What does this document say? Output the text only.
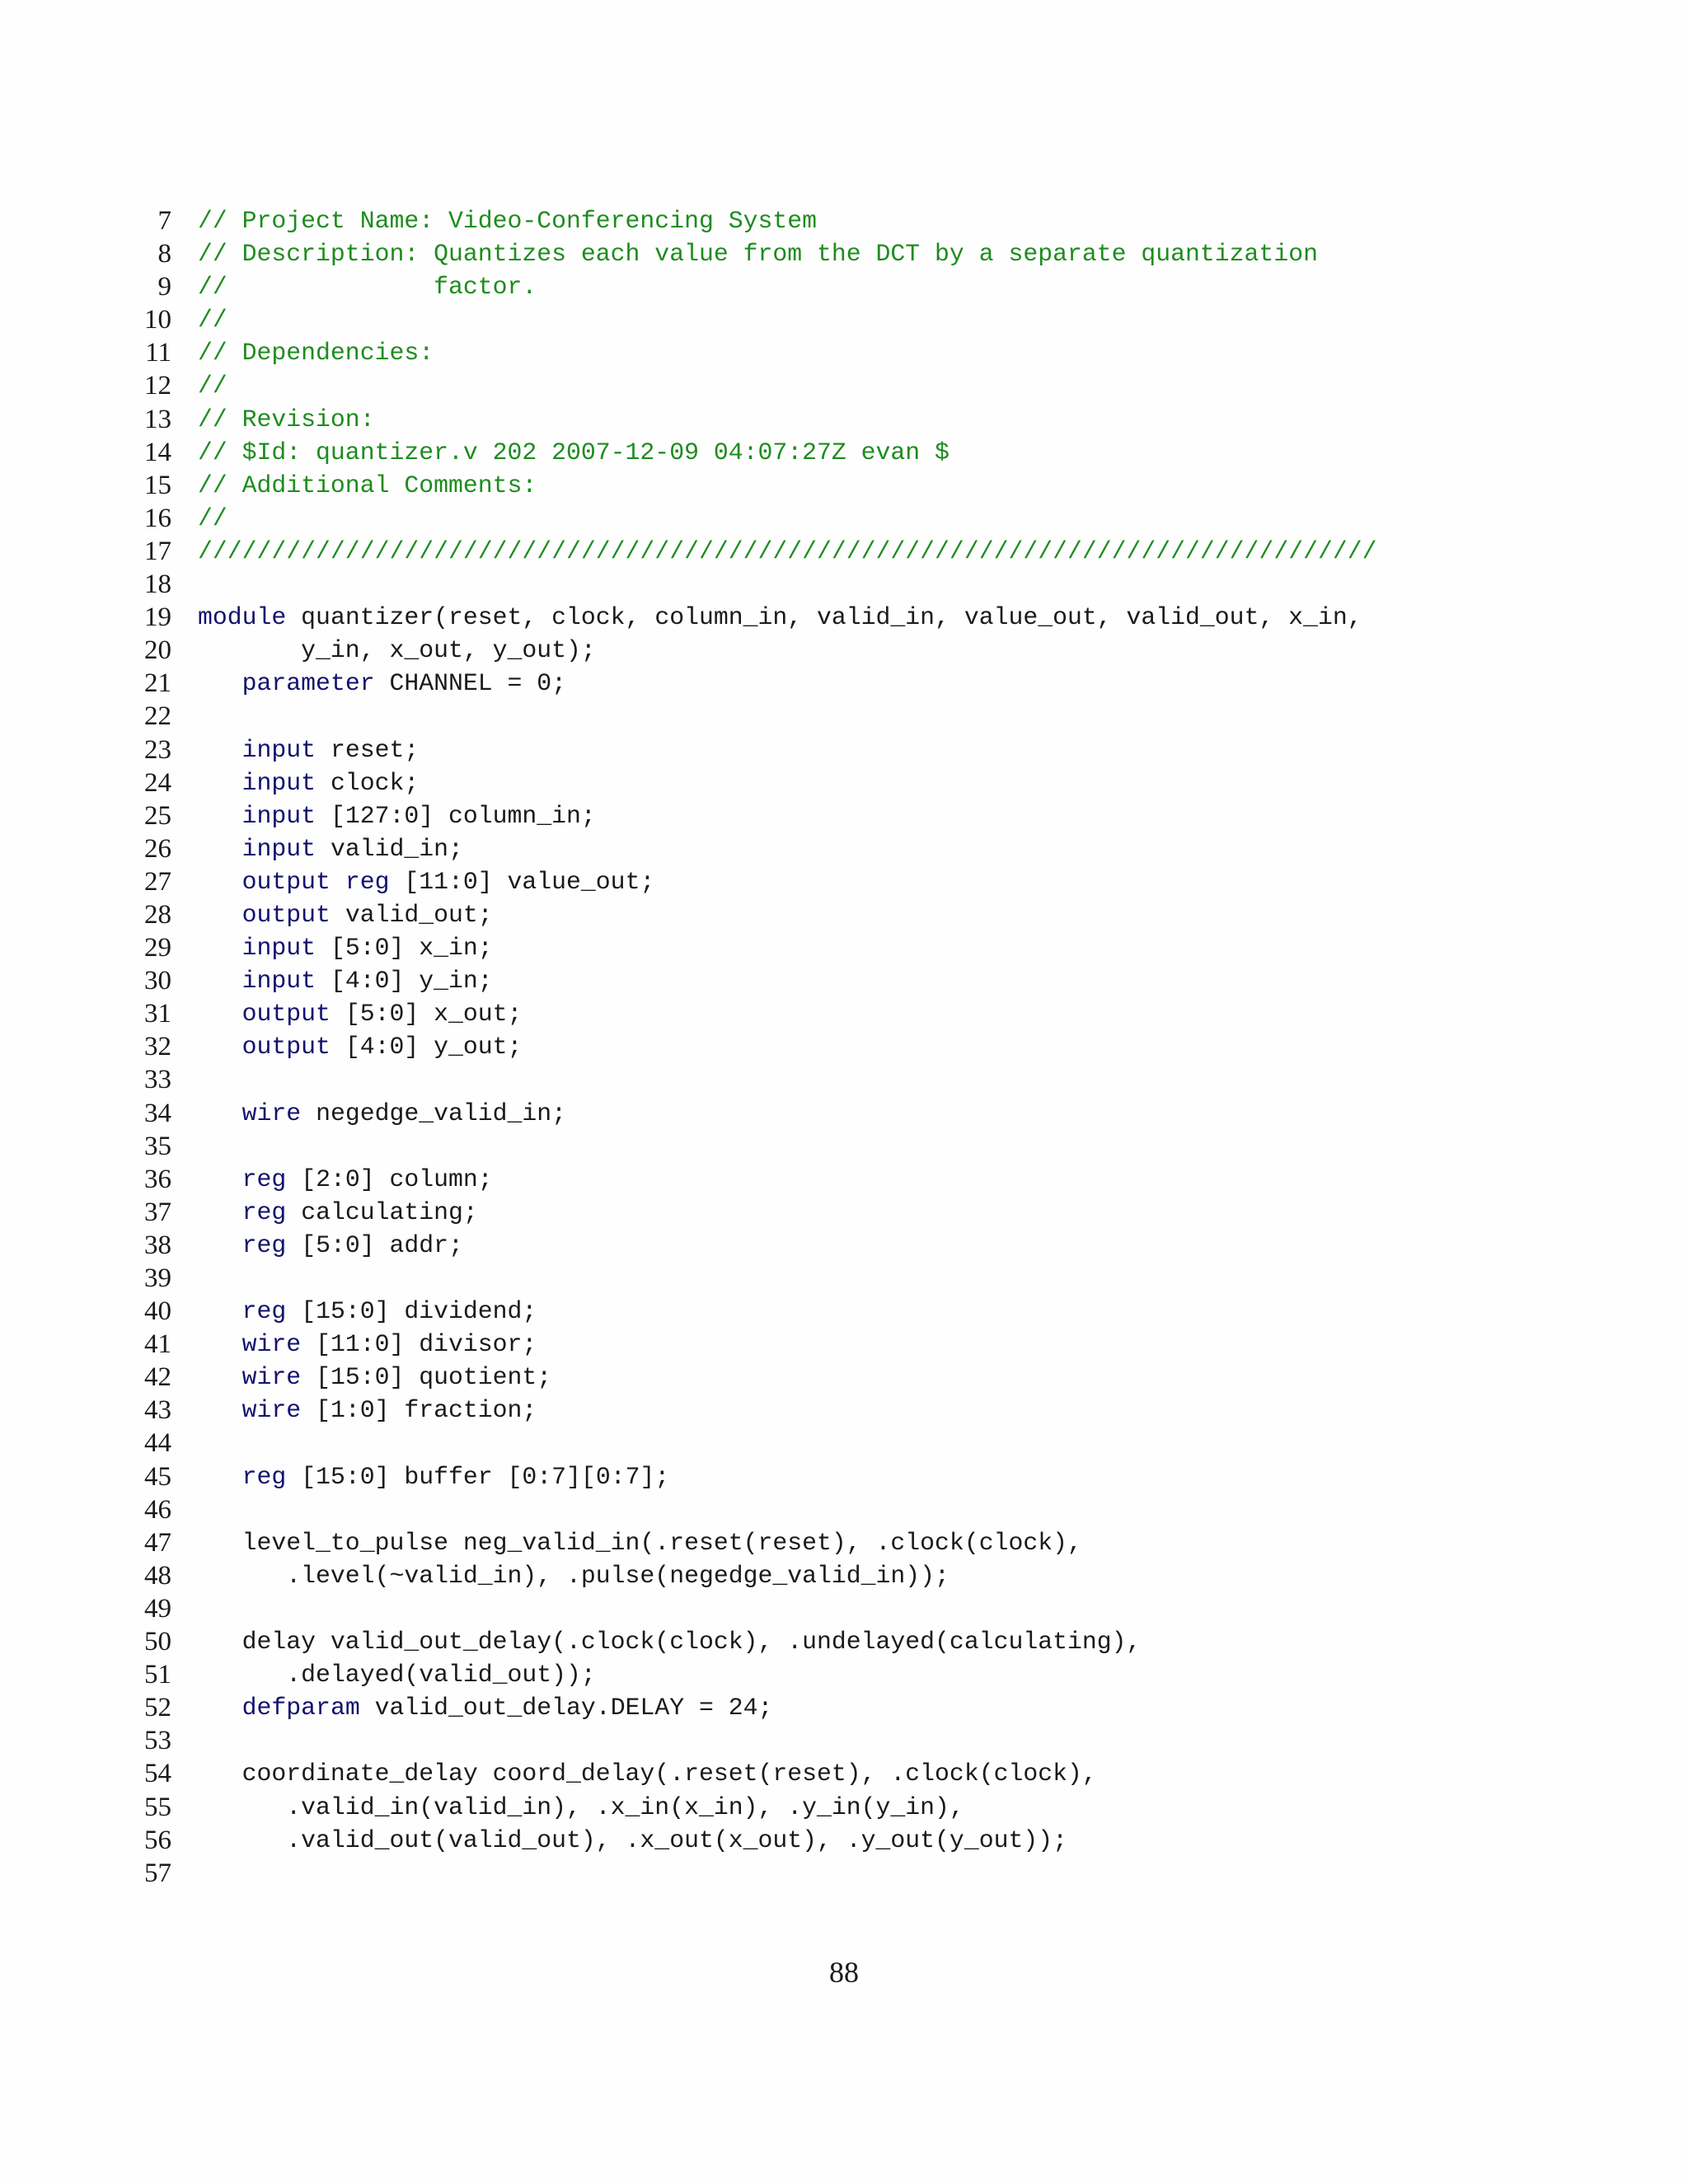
7 // Project Name: Video-Conferencing System
8 // Description: Quantizes each value from the DCT by a separate quantization
9 //              factor.
10 //
11 // Dependencies:
12 //
13 // Revision:
14 // $Id: quantizer.v 202 2007-12-09 04:07:27Z evan $
15 // Additional Comments:
16 //
17 ////////////////////////////////////////////////////////////////////////////////
18
19 module quantizer(reset, clock, column_in, valid_in, value_out, valid_out, x_in,
20 y_in, x_out, y_out);
21	parameter CHANNEL = 0;
22
23	input reset;
24	input clock;
25	input [127:0] column_in;
26	input valid_in;
27	output reg [11:0] value_out;
28	output valid_out;
29	input [5:0] x_in;
30	input [4:0] y_in;
31	output [5:0] x_out;
32	output [4:0] y_out;
33
34	wire negedge_valid_in;
35
36	reg [2:0] column;
37	reg calculating;
38	reg [5:0] addr;
39
40	reg [15:0] dividend;
41	wire [11:0] divisor;
42	wire [15:0] quotient;
43	wire [1:0] fraction;
44
45	reg [15:0] buffer [0:7][0:7];
46
47 level_to_pulse neg_valid_in(.reset(reset), .clock(clock),
48 .level(~valid_in), .pulse(negedge_valid_in));
49
50 delay valid_out_delay(.clock(clock), .undelayed(calculating),
51 .delayed(valid_out));
52	defparam valid_out_delay.DELAY = 24;
53
54 coordinate_delay coord_delay(.reset(reset), .clock(clock),
55 .valid_in(valid_in), .x_in(x_in), .y_in(y_in),
56 .valid_out(valid_out), .x_out(x_out), .y_out(y_out));
57
88
